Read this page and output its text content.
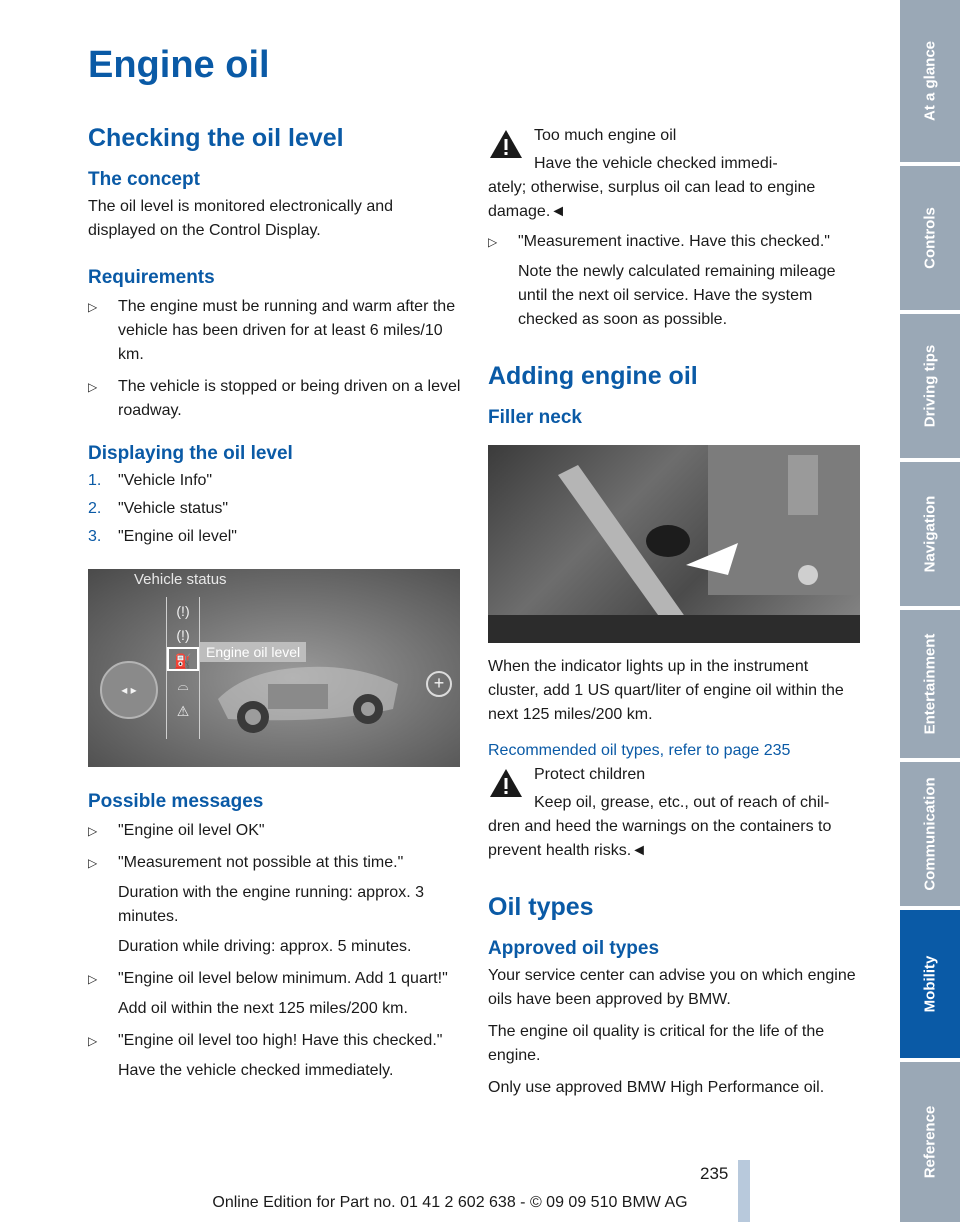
Engine oil
Checking the oil level
The concept

The oil level is monitored electronically and displayed on the Control Display.

Requirements
▷ The engine must be running and warm after the vehicle has been driven for at least 6 miles/10 km.
▷ The vehicle is stopped or being driven on a level roadway.
Displaying the oil level
1. "Vehicle Info"
2. "Vehicle status"
3. "Engine oil level"
Vehicle status
(!)
(!)
⛽
⌓
⚠
Engine oil level
◂ ▸	+
Possible messages
▷ "Engine oil level OK"
▷ "Measurement not possible at this time."
Duration with the engine running: approx. 3 minutes.
Duration while driving: approx. 5 minutes.
▷ "Engine oil level below minimum. Add 1 quart!"
Add oil within the next 125 miles/200 km.
▷ "Engine oil level too high! Have this checked."
Have the vehicle checked immediately.
Too much engine oil
Have the vehicle checked immedi-
ately; otherwise, surplus oil can lead to engine damage.◄
▷ "Measurement inactive. Have this checked."
Note the newly calculated remaining mileage until the next oil service. Have the system checked as soon as possible.
Adding engine oil
Filler neck

When the indicator lights up in the instrument cluster, add 1 US quart/liter of engine oil within the next 125 miles/200 km.

Recommended oil types, refer to page 235

Protect children
Keep oil, grease, etc., out of reach of chil-
dren and heed the warnings on the containers to prevent health risks.◄
Oil types
Approved oil types

Your service center can advise you on which engine oils have been approved by BMW.

The engine oil quality is critical for the life of the engine.

Only use approved BMW High Performance oil.

At a glance
Controls
Driving tips
Navigation
Entertainment
Communication
Mobility
Reference
235
Online Edition for Part no. 01 41 2 602 638 - © 09 09 510 BMW AG
